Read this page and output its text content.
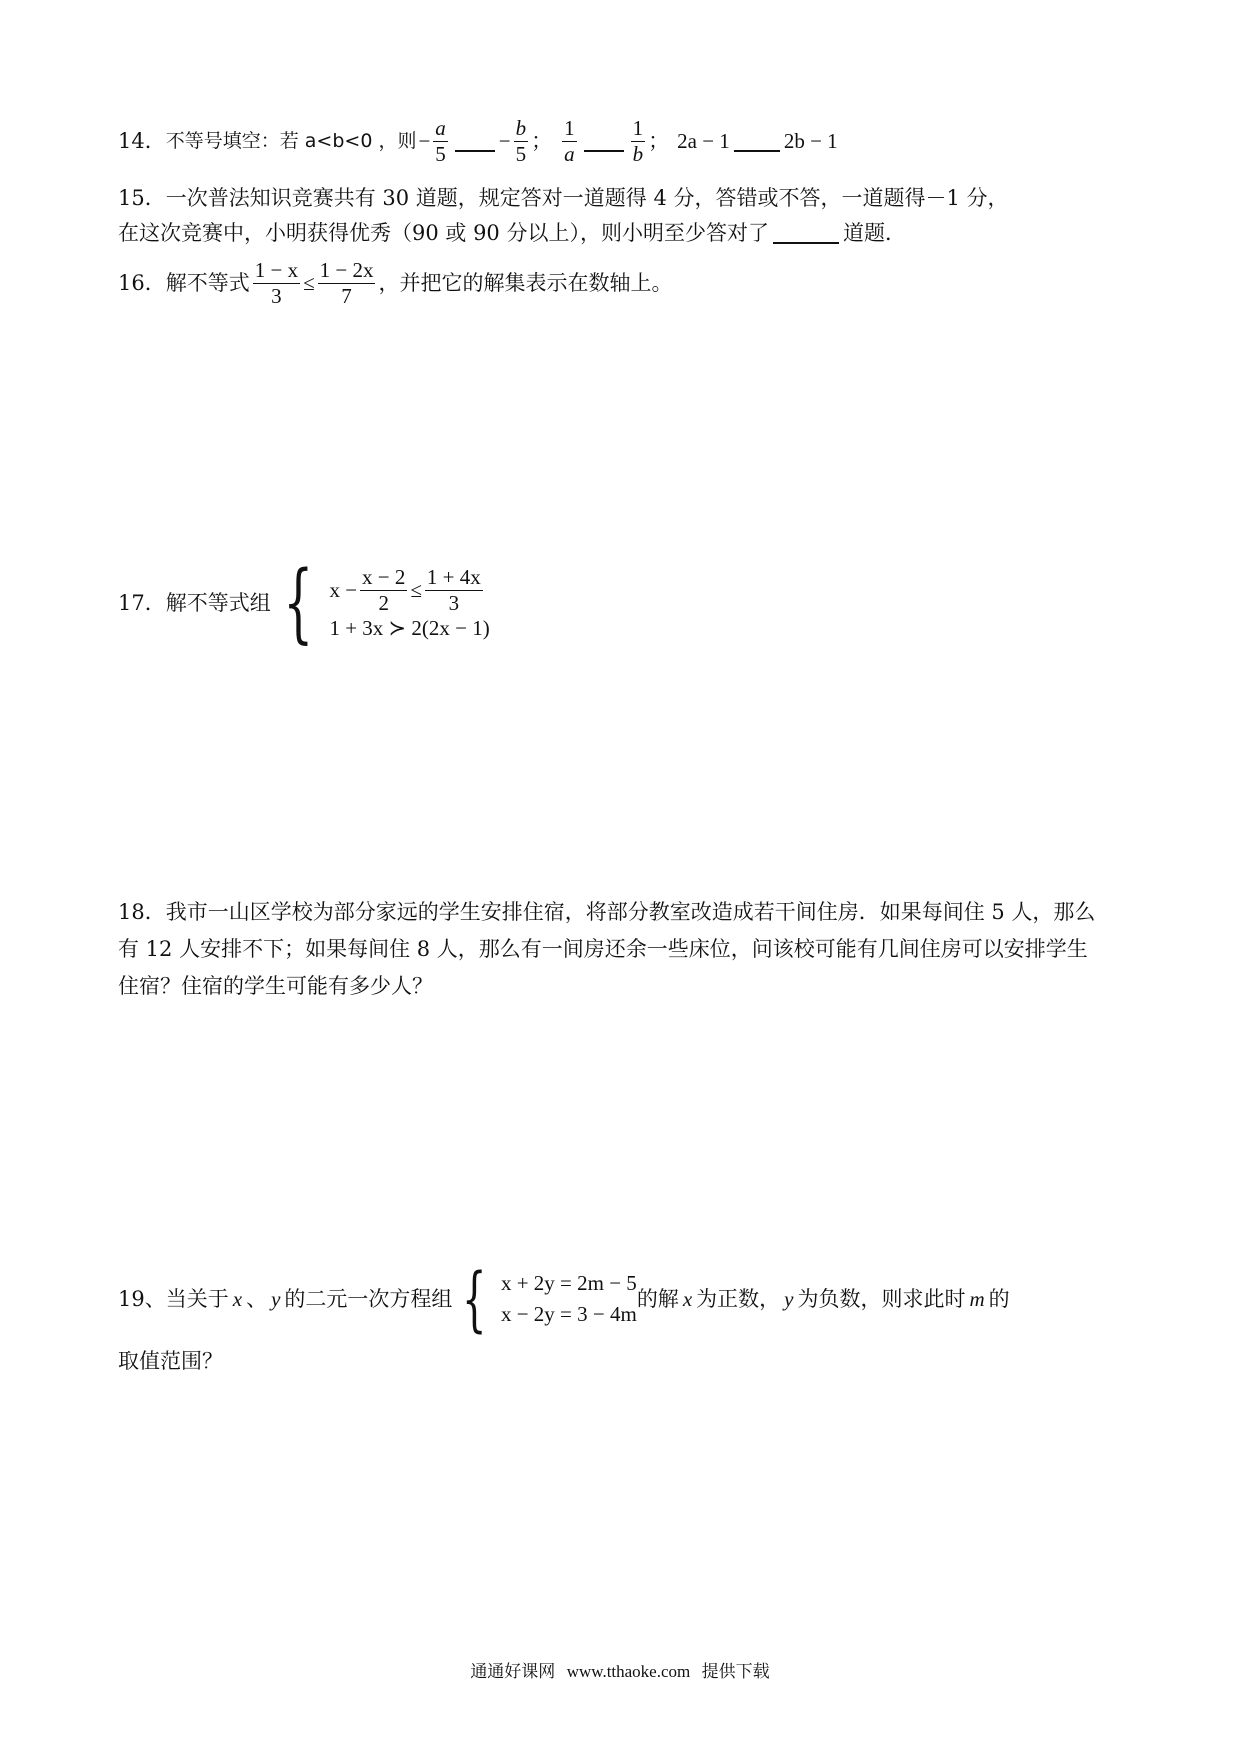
14． 不等号填空：若 a<b<0 ，则 − $\frac{a}{5} - \frac{b}{5}$ ； $\frac{1}{a}$	$\frac{1}{b}$ ； 2a − 1	2b − 1
15．一次普法知识竞赛共有 30 道题，规定答对一道题得 4 分，答错或不答，一道题得－1 分，
在这次竞赛中，小明获得优秀（90 或 90 分以上），则小明至少答对了	道题．
16．解不等式 $\frac{1 - x}{3} \le \frac{1 - 2x}{7}$ ，并把它的解集表示在数轴上。
17．解不等式组 { $x - \frac{x - 2}{2} \le \frac{1 + 4x}{3}$
1 + 3x ≻ 2(2x − 1)
18．我市一山区学校为部分家远的学生安排住宿，将部分教室改造成若干间住房．如果每间住 5 人，那么
有 12 人安排不下；如果每间住 8 人，那么有一间房还余一些床位，问该校可能有几间住房可以安排学生
住宿？住宿的学生可能有多少人？
19、当关于 x 、 y 的二元一次方程组 { x + 2y = 2m − 5
x − 2y = 3 − 4m
的解 x 为正数， y 为负数，则求此时 m 的
取值范围？
通通好课网 www.tthaoke.com 提供下载
